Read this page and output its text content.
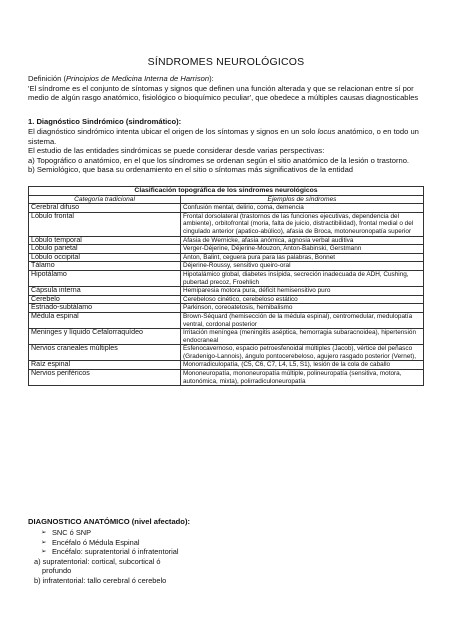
SÍNDROMES NEUROLÓGICOS
Definición (Principios de Medicina Interna de Harrison):
'El síndrome es el conjunto de síntomas y signos que definen una función alterada y que se relacionan entre sí por medio de algún rasgo anatómico, fisiológico o bioquímico peculiar', que obedece a múltiples causas diagnosticables
1. Diagnóstico Sindrómico (sindromático):
El diagnóstico sindrómico intenta ubicar el origen de los síntomas y signos en un solo locus anatómico, o en todo un sistema.
El estudio de las entidades sindrómicas se puede considerar desde varias perspectivas:
a) Topográfico o anatómico, en el que los síndromes se ordenan según el sitio anatómico de la lesión o trastorno.
b) Semiológico, que basa su ordenamiento en el sitio o síntomas más significativos de la entidad
Clasificación topográfica de los síndromes neurológicos	
Categoría tradicional	Ejemplos de síndromes
Cerebral difuso	Confusión mental, delirio, coma, demencia
Lóbulo frontal	Frontal dorsolateral (trastornos de las funciones ejecutivas, dependencia del ambiente), orbitofrontal (moria, falta de juicio, distractibilidad), frontal medial o del cingulado anterior (apatico-abúlico), afasia de Broca, motoneuronopatía superior
Lóbulo temporal	Afasia de Wernicke, afasia anómica, agnosia verbal auditiva
Lóbulo parietal	Verger-Déjerine, Déjerine-Mouzon, Anton-Babinski, Gerstmann
Lóbulo occipital	Anton, Balint, ceguera pura para las palabras, Bonnet
Tálamo	Déjerine-Roussy, sensitivo queiro-oral
Hipotálamo	Hipotalámico global, diabetes insípida, secreción inadecuada de ADH, Cushing, pubertad precoz, Froehlich
Cápsula interna	Hemiparesia motora pura, déficit hemisensitivo puro
Cerebelo	Cerebeloso cinético, cerebeloso estático
Estriado-subtálamo	Parkinson, coreoatetosis, hemibalismo
Médula espinal	Brown-Séquard (hemisección de la médula espinal), centromedular, medulopatía ventral, cordonal posterior
Meninges y líquido Cefalorraquídeo	Irritación meníngea (meningitis aséptica, hemorragia subaracnoidea), hipertensión endocraneal
Nervios craneales múltiples	Esfenocavernoso, espacio petroesfenoidal múltiples (Jacob), vértice del peñasco (Gradenigo-Lannois), ángulo pontocerebeloso, agujero rasgado posterior (Vernet),
Raíz espinal	Monorradiculopatía, (C5, C6, C7, L4, L5, S1), lesión de la cola de caballo
Nervios periféricos	Mononeuropatía, mononeuropatía múltiple, polineuropatía (sensitiva, motora, autonómica, mixta), polirradiculoneuropatía
DIAGNOSTICO ANATÓMICO (nivel afectado):
➢ SNC ó SNP
➢ Encéfalo ó Médula Espinal
➢ Encéfalo: supratentorial ó infratentorial
a) supratentorial: cortical, subcortical ó
profundo
b) infratentorial: tallo cerebral ó cerebelo
